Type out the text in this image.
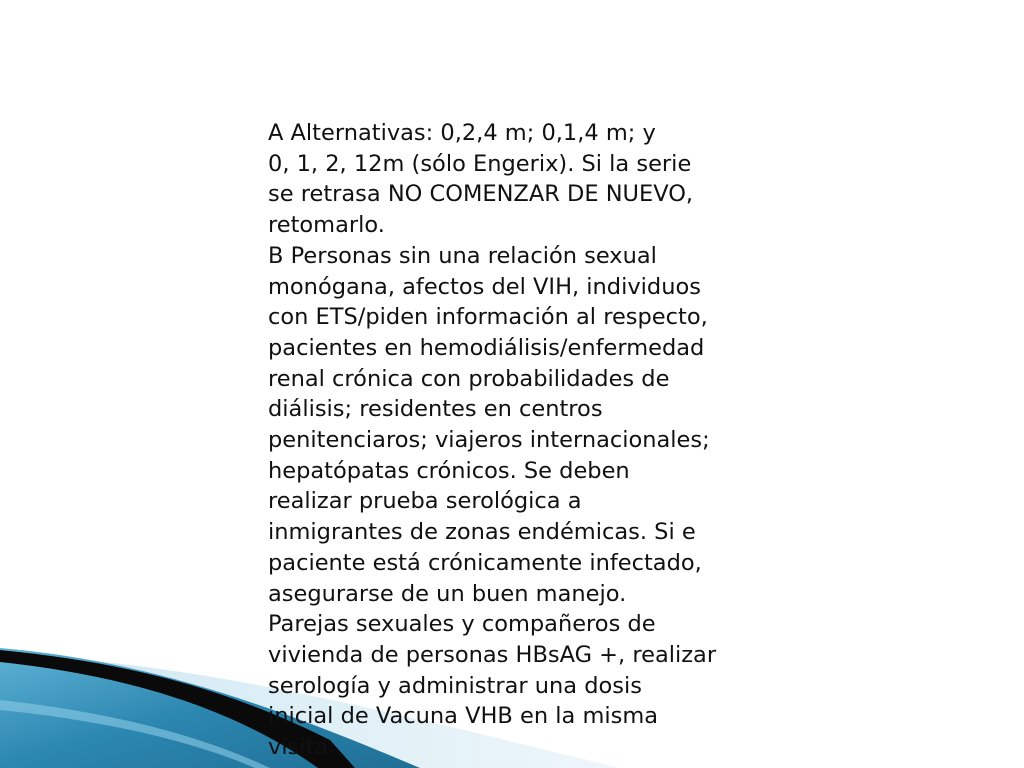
A Alternativas: 0,2,4 m; 0,1,4 m; y

0, 1, 2, 12m (sólo Engerix). Si la serie

se retrasa NO COMENZAR DE NUEVO,

retomarlo.

B Personas sin una relación sexual

monógana, afectos del VIH, individuos

con ETS/piden información al respecto,

pacientes en hemodiálisis/enfermedad

renal crónica con probabilidades de

diálisis; residentes en centros

penitenciaros; viajeros internacionales;

hepatópatas crónicos. Se deben

realizar prueba serológica a

inmigrantes de zonas endémicas. Si e

paciente está crónicamente infectado,

asegurarse de un buen manejo.

Parejas sexuales y compañeros de

vivienda de personas HBsAG +, realizar

serología y administrar una dosis

inicial de Vacuna VHB en la misma

visita
